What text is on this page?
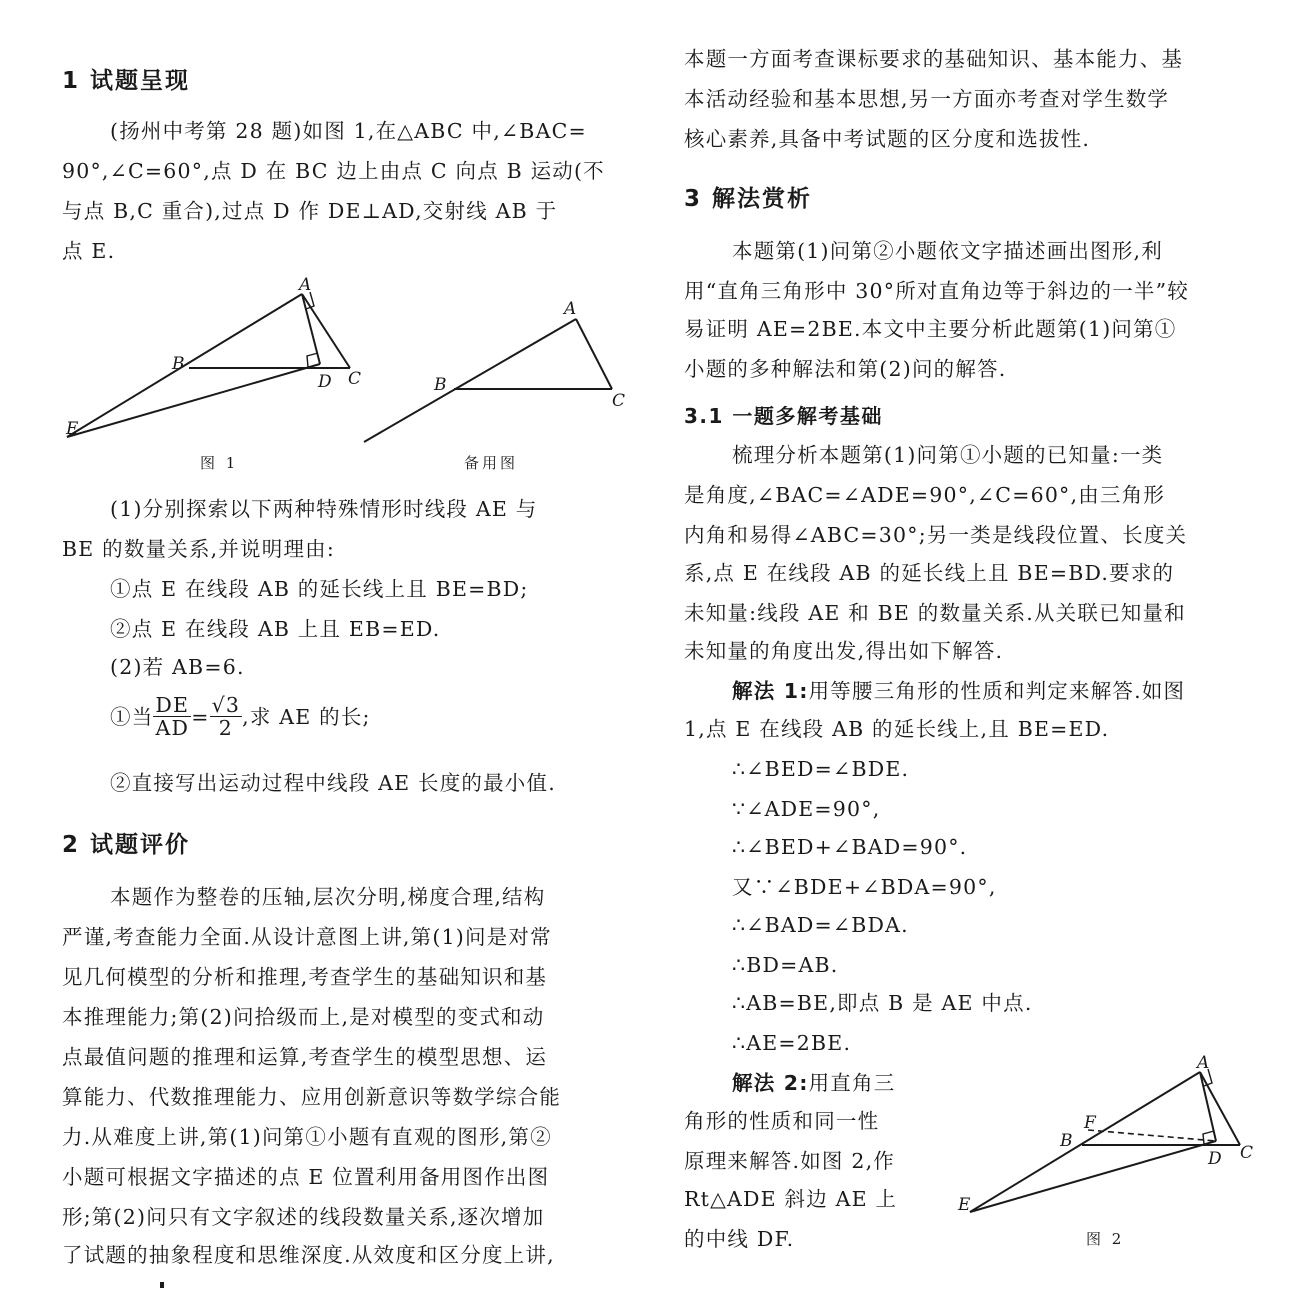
1 试题呈现
(扬州中考第 28 题)如图 1,在△ABC 中,∠BAC=
90°,∠C=60°,点 D 在 BC 边上由点 C 向点 B 运动(不
与点 B,C 重合),过点 D 作 DE⊥AD,交射线 AB 于
点 E.
A
B
C
D
E
图 1
A
B
C
备用图
(1)分别探索以下两种特殊情形时线段 AE 与
BE 的数量关系,并说明理由:
①点 E 在线段 AB 的延长线上且 BE=BD;
②点 E 在线段 AB 上且 EB=ED.
(2)若 AB=6.
①当 $\frac{DE}{AD} = \frac{√3}{2}$ ,求 AE 的长;
②直接写出运动过程中线段 AE 长度的最小值.
2 试题评价
本题作为整卷的压轴,层次分明,梯度合理,结构
严谨,考查能力全面.从设计意图上讲,第(1)问是对常
见几何模型的分析和推理,考查学生的基础知识和基
本推理能力;第(2)问拾级而上,是对模型的变式和动
点最值问题的推理和运算,考查学生的模型思想、运
算能力、代数推理能力、应用创新意识等数学综合能
力.从难度上讲,第(1)问第①小题有直观的图形,第②
小题可根据文字描述的点 E 位置利用备用图作出图
形;第(2)问只有文字叙述的线段数量关系,逐次增加
了试题的抽象程度和思维深度.从效度和区分度上讲,
本题一方面考查课标要求的基础知识、基本能力、基
本活动经验和基本思想,另一方面亦考查对学生数学
核心素养,具备中考试题的区分度和选拔性.
3 解法赏析
本题第(1)问第②小题依文字描述画出图形,利
用“直角三角形中 30°所对直角边等于斜边的一半”较
易证明 AE=2BE.本文中主要分析此题第(1)问第①
小题的多种解法和第(2)问的解答.
3.1 一题多解考基础
梳理分析本题第(1)问第①小题的已知量:一类
是角度,∠BAC=∠ADE=90°,∠C=60°,由三角形
内角和易得∠ABC=30°;另一类是线段位置、长度关
系,点 E 在线段 AB 的延长线上且 BE=BD.要求的
未知量:线段 AE 和 BE 的数量关系.从关联已知量和
未知量的角度出发,得出如下解答.
解法 1:用等腰三角形的性质和判定来解答.如图
1,点 E 在线段 AB 的延长线上,且 BE=ED.
∴∠BED=∠BDE.
∵∠ADE=90°,
∴∠BED+∠BAD=90°.
又∵∠BDE+∠BDA=90°,
∴∠BAD=∠BDA.
∴BD=AB.
∴AB=BE,即点 B 是 AE 中点.
∴AE=2BE.
解法 2:用直角三
角形的性质和同一性
原理来解答.如图 2,作
Rt△ADE 斜边 AE 上
的中线 DF.
A
F
B
D C
E
图 2
